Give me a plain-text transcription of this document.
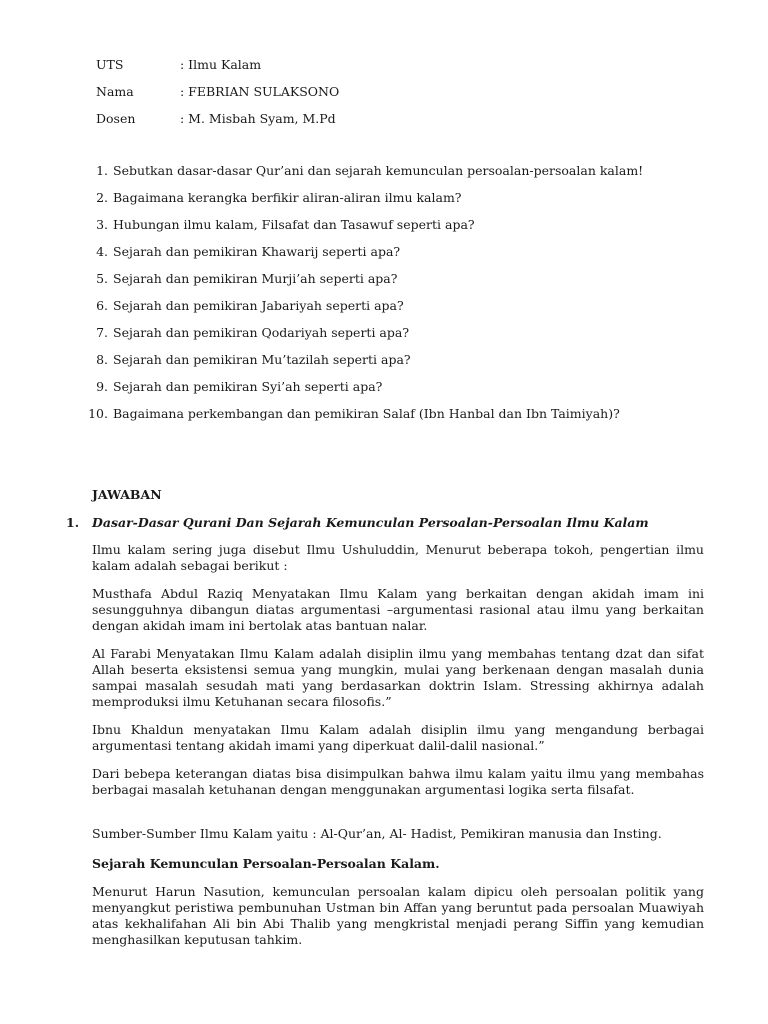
UTS	: Ilmu Kalam
Nama	: FEBRIAN SULAKSONO
Dosen	: M. Misbah Syam, M.Pd
1. Sebutkan dasar-dasar Qur’ani dan sejarah kemunculan persoalan-persoalan kalam!
2. Bagaimana kerangka berfikir aliran-aliran ilmu kalam?
3. Hubungan ilmu kalam, Filsafat dan Tasawuf seperti apa?
4. Sejarah dan pemikiran Khawarij seperti apa?
5. Sejarah dan pemikiran Murji’ah seperti apa?
6. Sejarah dan pemikiran Jabariyah seperti apa?
7. Sejarah dan pemikiran Qodariyah seperti apa?
8. Sejarah dan pemikiran Mu’tazilah seperti apa?
9. Sejarah dan pemikiran Syi’ah seperti apa?
10. Bagaimana perkembangan dan pemikiran Salaf (Ibn Hanbal dan Ibn Taimiyah)?
JAWABAN
1. Dasar-Dasar Qurani Dan Sejarah Kemunculan Persoalan-Persoalan Ilmu Kalam

Ilmu kalam sering juga disebut Ilmu Ushuluddin, Menurut beberapa tokoh, pengertian ilmu kalam adalah sebagai berikut :

Musthafa Abdul Raziq Menyatakan Ilmu Kalam yang berkaitan dengan akidah imam ini sesungguhnya dibangun diatas argumentasi –argumentasi rasional atau ilmu yang berkaitan dengan akidah imam ini bertolak atas bantuan nalar.

Al Farabi Menyatakan Ilmu Kalam adalah disiplin ilmu yang membahas tentang dzat dan sifat Allah beserta eksistensi semua yang mungkin, mulai yang berkenaan dengan masalah dunia sampai masalah sesudah mati yang berdasarkan doktrin Islam. Stressing akhirnya adalah memproduksi ilmu Ketuhanan secara filosofis.”

Ibnu Khaldun menyatakan Ilmu Kalam adalah disiplin ilmu yang mengandung berbagai argumentasi tentang akidah imami yang diperkuat dalil-dalil nasional.”

Dari bebepa keterangan diatas bisa disimpulkan bahwa ilmu kalam yaitu ilmu yang membahas berbagai masalah ketuhanan dengan menggunakan argumentasi logika serta filsafat.

Sumber-Sumber Ilmu Kalam yaitu : Al-Qur’an, Al- Hadist, Pemikiran manusia dan Insting.

Sejarah Kemunculan Persoalan-Persoalan Kalam.

Menurut Harun Nasution, kemunculan persoalan kalam dipicu oleh persoalan politik yang menyangkut peristiwa pembunuhan Ustman bin Affan yang beruntut pada persoalan Muawiyah atas kekhalifahan Ali bin Abi Thalib yang mengkristal menjadi perang Siffin yang kemudian menghasilkan keputusan tahkim.
